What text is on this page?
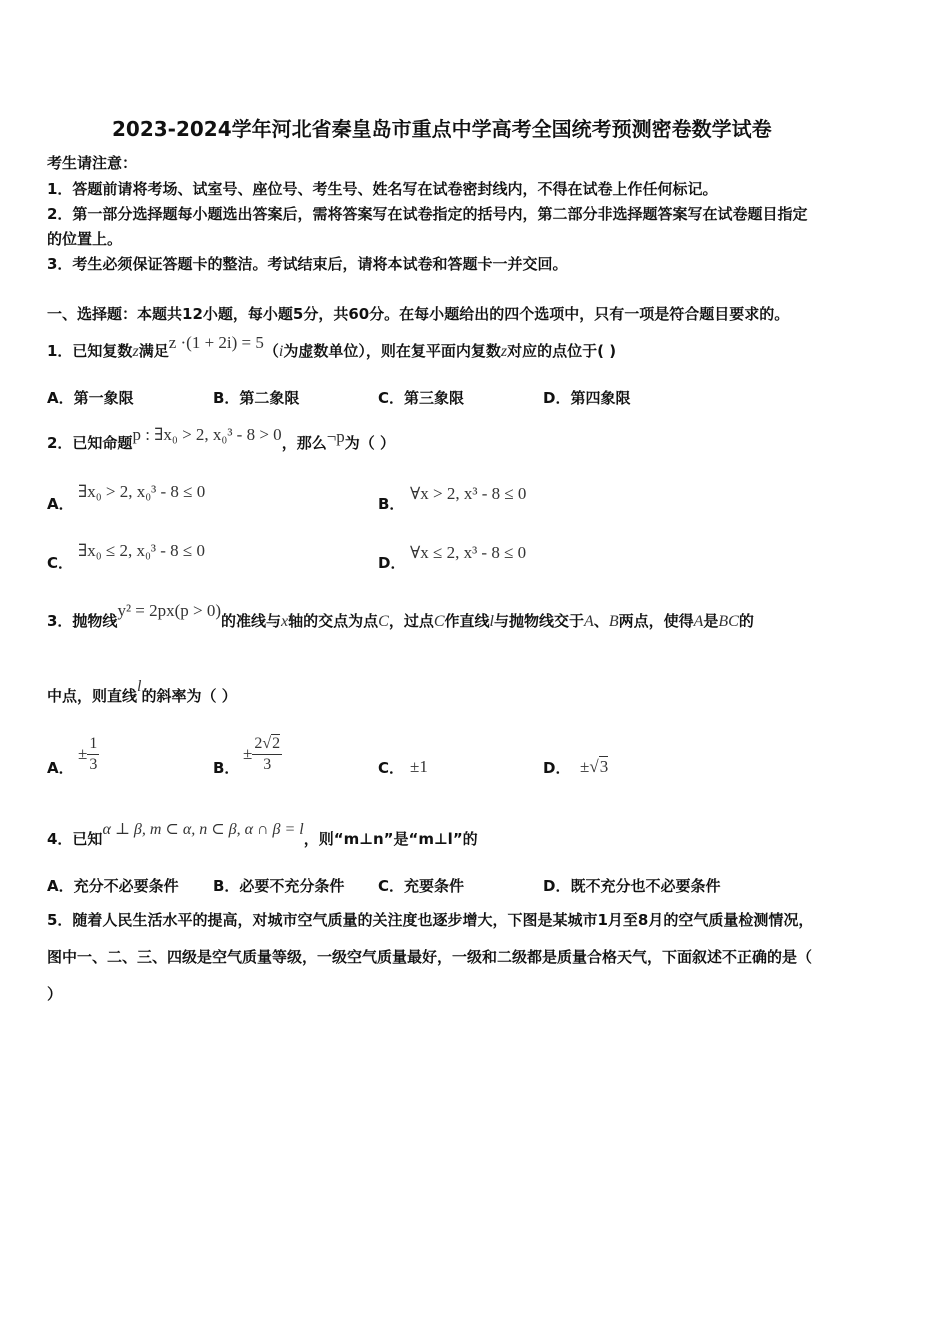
2023-2024学年河北省秦皇岛市重点中学高考全国统考预测密卷数学试卷
考生请注意：
1．答题前请将考场、试室号、座位号、考生号、姓名写在试卷密封线内，不得在试卷上作任何标记。
2．第一部分选择题每小题选出答案后，需将答案写在试卷指定的括号内，第二部分非选择题答案写在试卷题目指定
的位置上。
3．考生必须保证答题卡的整洁。考试结束后，请将本试卷和答题卡一并交回。
一、选择题：本题共12小题，每小题5分，共60分。在每小题给出的四个选项中，只有一项是符合题目要求的。
1．已知复数z满足z ·(1 + 2i) = 5（i为虚数单位），则在复平面内复数z对应的点位于( )
A．第一象限	B．第二象限	C．第三象限	D．第四象限
2．已知命题p : ∃x₀ > 2, x₀³ - 8 > 0，那么¬p为（ ）
A．
∃x₀ > 2, x₀³ - 8 ≤ 0
B．
∀x > 2, x³ - 8 ≤ 0
C．
∃x₀ ≤ 2, x₀³ - 8 ≤ 0
D．
∀x ≤ 2, x³ - 8 ≤ 0
3．抛物线y² = 2px(p > 0)的准线与x轴的交点为点C，过点C作直线l与抛物线交于A、B两点，使得A是BC的
中点，则直线l的斜率为（ ）
A．
± $\frac{1}{3}$	B．
± $\frac{2√2}{3}$	C． ±1	D． ±√3
4．已知α ⊥ β, m ⊂ α, n ⊂ β, α ∩ β = l，则“m⊥n”是“m⊥l”的
A．充分不必要条件 B．必要不充分条件 C．充要条件	D．既不充分也不必要条件
5．随着人民生活水平的提高，对城市空气质量的关注度也逐步增大，下图是某城市1月至8月的空气质量检测情况，
图中一、二、三、四级是空气质量等级，一级空气质量最好，一级和二级都是质量合格天气，下面叙述不正确的是（
）
